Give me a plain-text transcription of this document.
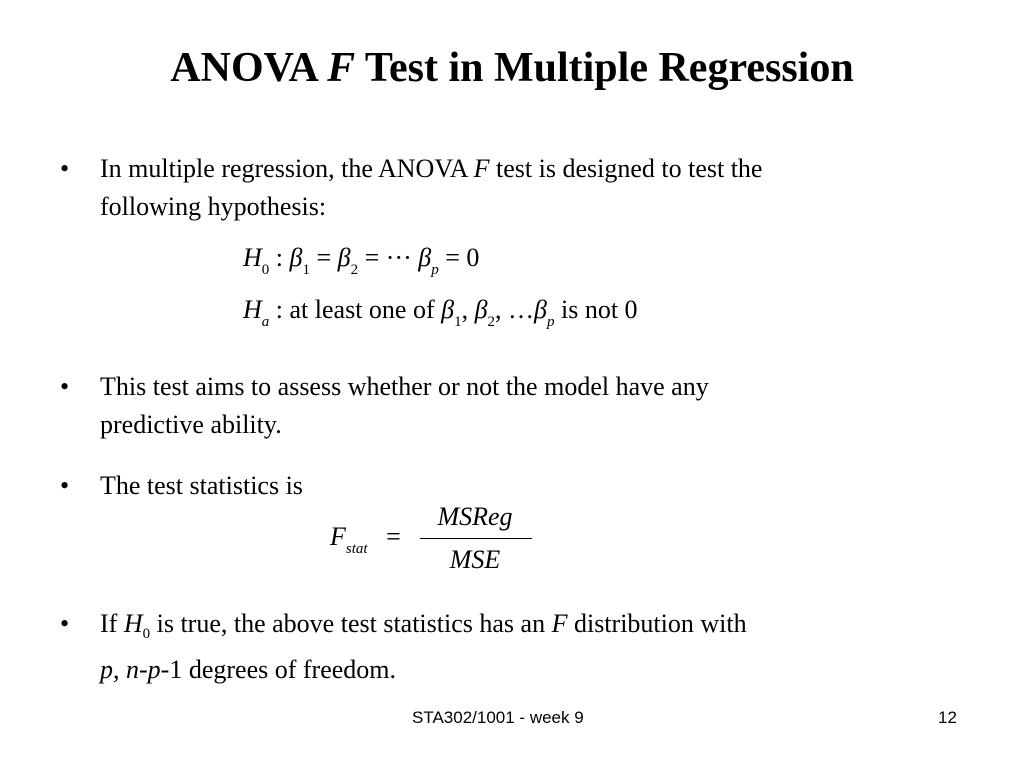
ANOVA F Test in Multiple Regression
• In multiple regression, the ANOVA F test is designed to test the
following hypothesis:
$H_0$ : $\beta_1 = \beta_2$ = ··· $\beta_p = 0$
$H_a$ : at least one of $\beta_1$, $\beta_2$, $\dots\beta_p$ is not 0
• This test aims to assess whether or not the model have any
predictive ability.
• The test statistics is
$F_{stat}$ =
MSReg
MSE
• If $H_0$ is true, the above test statistics has an F distribution with
p, n-p-1 degrees of freedom.
STA302/1001 - week 9	12
